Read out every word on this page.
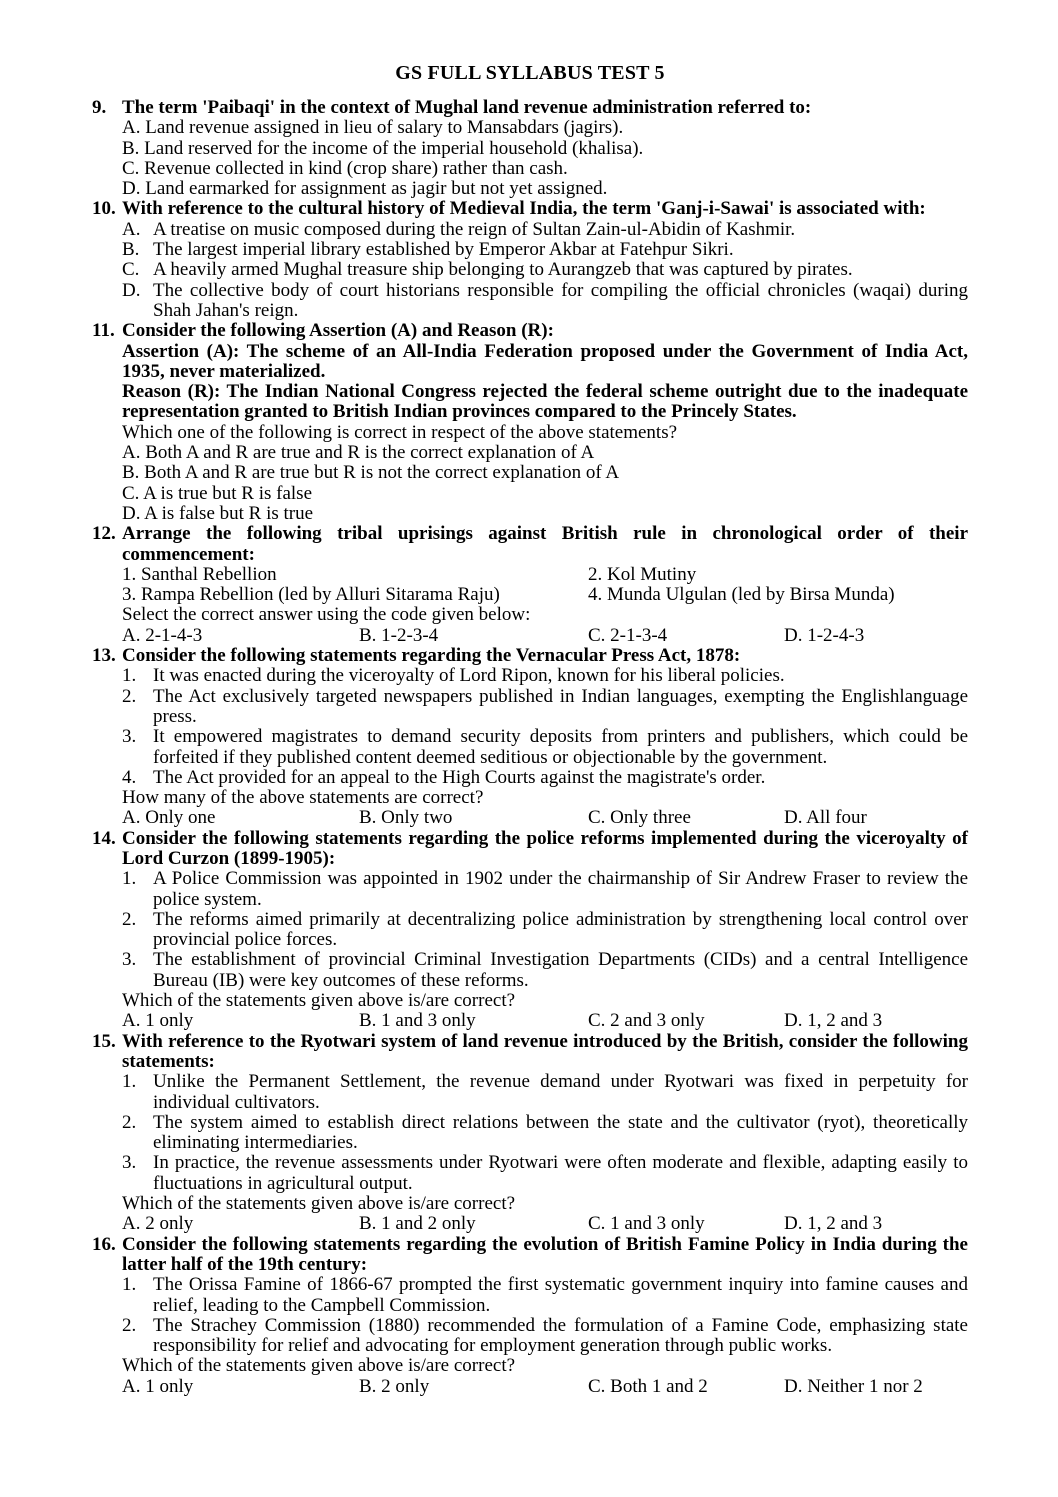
GS FULL SYLLABUS TEST 5
9. The term 'Paibaqi' in the context of Mughal land revenue administration referred to:
A. Land revenue assigned in lieu of salary to Mansabdars (jagirs).
B. Land reserved for the income of the imperial household (khalisa).
C. Revenue collected in kind (crop share) rather than cash.
D. Land earmarked for assignment as jagir but not yet assigned.
10. With reference to the cultural history of Medieval India, the term 'Ganj-i-Sawai' is associated with:
A. A treatise on music composed during the reign of Sultan Zain-ul-Abidin of Kashmir.
B. The largest imperial library established by Emperor Akbar at Fatehpur Sikri.
C. A heavily armed Mughal treasure ship belonging to Aurangzeb that was captured by pirates.
D. The collective body of court historians responsible for compiling the official chronicles (waqai) during Shah Jahan's reign.
11. Consider the following Assertion (A) and Reason (R):
Assertion (A): The scheme of an All-India Federation proposed under the Government of India Act, 1935, never materialized.
Reason (R): The Indian National Congress rejected the federal scheme outright due to the inadequate representation granted to British Indian provinces compared to the Princely States.
Which one of the following is correct in respect of the above statements?
A. Both A and R are true and R is the correct explanation of A
B. Both A and R are true but R is not the correct explanation of A
C. A is true but R is false
D. A is false but R is true
12. Arrange the following tribal uprisings against British rule in chronological order of their commencement:
1. Santhal Rebellion	2. Kol Mutiny
3. Rampa Rebellion (led by Alluri Sitarama Raju)	4. Munda Ulgulan (led by Birsa Munda)
Select the correct answer using the code given below:
A. 2-1-4-3	B. 1-2-3-4	C. 2-1-3-4	D. 1-2-4-3
13. Consider the following statements regarding the Vernacular Press Act, 1878:
1. It was enacted during the viceroyalty of Lord Ripon, known for his liberal policies.
2. The Act exclusively targeted newspapers published in Indian languages, exempting the Englishlanguage press.
3. It empowered magistrates to demand security deposits from printers and publishers, which could be forfeited if they published content deemed seditious or objectionable by the government.
4. The Act provided for an appeal to the High Courts against the magistrate's order.
How many of the above statements are correct?
A. Only one	B. Only two	C. Only three	D. All four
14. Consider the following statements regarding the police reforms implemented during the viceroyalty of Lord Curzon (1899-1905):
1. A Police Commission was appointed in 1902 under the chairmanship of Sir Andrew Fraser to review the police system.
2. The reforms aimed primarily at decentralizing police administration by strengthening local control over provincial police forces.
3. The establishment of provincial Criminal Investigation Departments (CIDs) and a central Intelligence Bureau (IB) were key outcomes of these reforms.
Which of the statements given above is/are correct?
A. 1 only	B. 1 and 3 only	C. 2 and 3 only	D. 1, 2 and 3
15. With reference to the Ryotwari system of land revenue introduced by the British, consider the following statements:
1. Unlike the Permanent Settlement, the revenue demand under Ryotwari was fixed in perpetuity for individual cultivators.
2. The system aimed to establish direct relations between the state and the cultivator (ryot), theoretically eliminating intermediaries.
3. In practice, the revenue assessments under Ryotwari were often moderate and flexible, adapting easily to fluctuations in agricultural output.
Which of the statements given above is/are correct?
A. 2 only	B. 1 and 2 only	C. 1 and 3 only	D. 1, 2 and 3
16. Consider the following statements regarding the evolution of British Famine Policy in India during the latter half of the 19th century:
1. The Orissa Famine of 1866-67 prompted the first systematic government inquiry into famine causes and relief, leading to the Campbell Commission.
2. The Strachey Commission (1880) recommended the formulation of a Famine Code, emphasizing state responsibility for relief and advocating for employment generation through public works.
Which of the statements given above is/are correct?
A. 1 only	B. 2 only	C. Both 1 and 2	D. Neither 1 nor 2
